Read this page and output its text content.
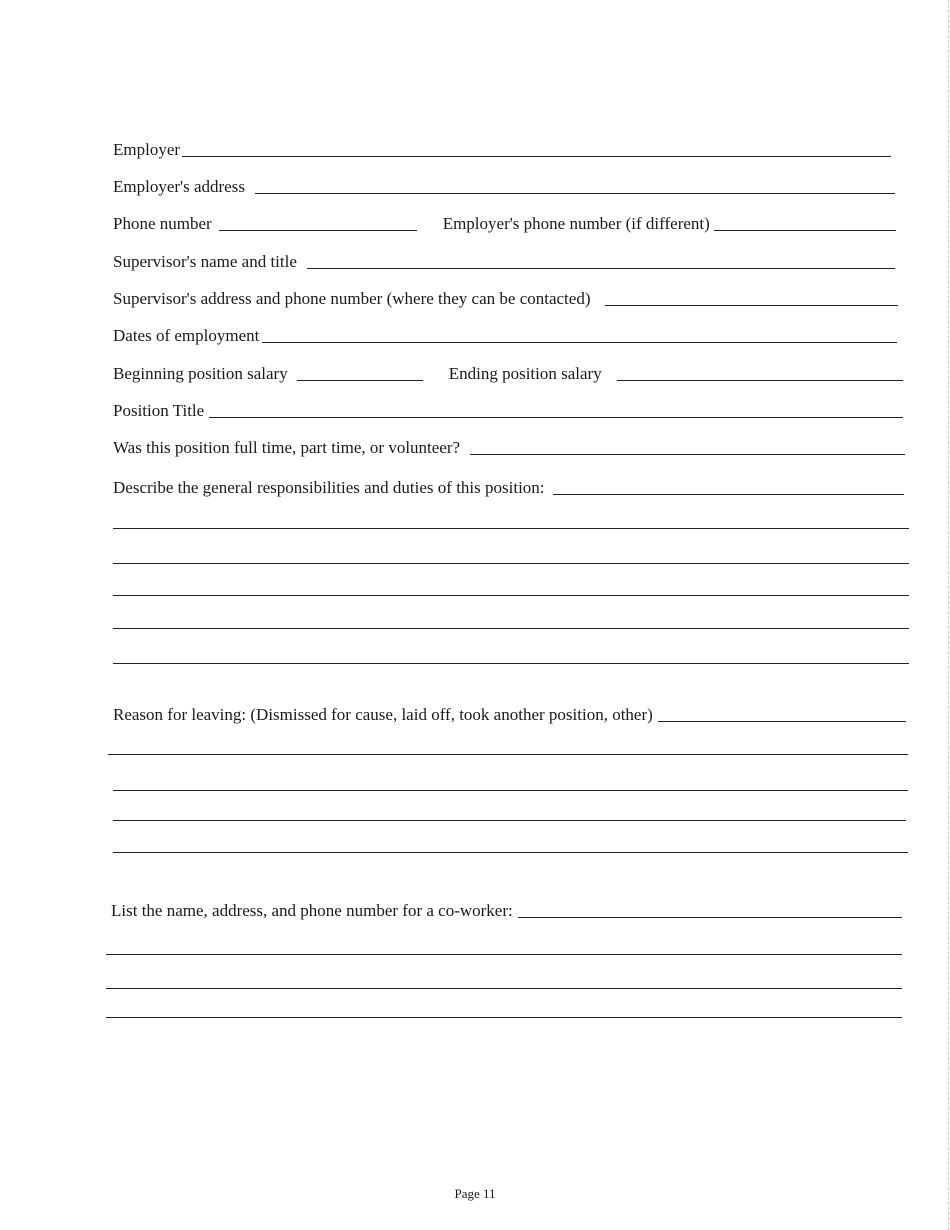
Employer
Employer's address
Phone number	Employer's phone number (if different)
Supervisor's name and title
Supervisor's address and phone number (where they can be contacted)
Dates of employment
Beginning position salary	Ending position salary
Position Title
Was this position full time, part time, or volunteer?
Describe the general responsibilities and duties of this position:
Reason for leaving: (Dismissed for cause, laid off, took another position, other)
List the name, address, and phone number for a co-worker:
Page 11
